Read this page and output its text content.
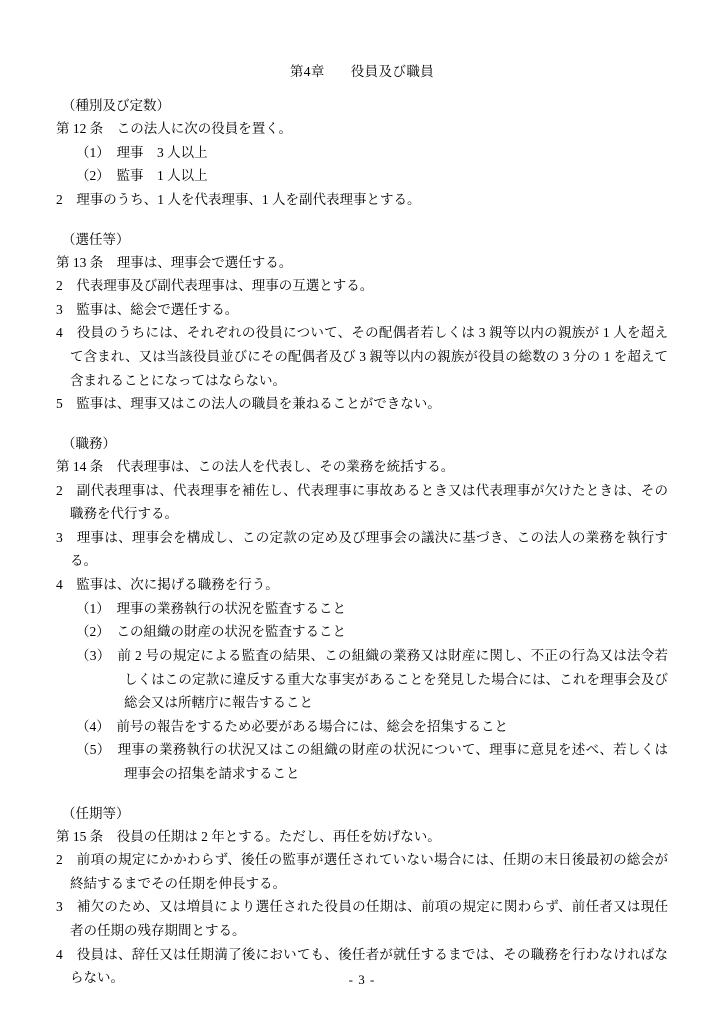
第4章 役員及び職員
（種別及び定数）
第 12 条　この法人に次の役員を置く。
（1）　理事　3 人以上
（2）　監事　1 人以上
2　理事のうち、1 人を代表理事、1 人を副代表理事とする。
（選任等）
第 13 条　理事は、理事会で選任する。
2　代表理事及び副代表理事は、理事の互選とする。
3　監事は、総会で選任する。
4　役員のうちには、それぞれの役員について、その配偶者若しくは 3 親等以内の親族が 1 人を超えて含まれ、又は当該役員並びにその配偶者及び 3 親等以内の親族が役員の総数の 3 分の 1 を超えて含まれることになってはならない。
5　監事は、理事又はこの法人の職員を兼ねることができない。
（職務）
第 14 条　代表理事は、この法人を代表し、その業務を統括する。
2　副代表理事は、代表理事を補佐し、代表理事に事故あるとき又は代表理事が欠けたときは、その職務を代行する。
3　理事は、理事会を構成し、この定款の定め及び理事会の議決に基づき、この法人の業務を執行する。
4　監事は、次に掲げる職務を行う。
（1）　理事の業務執行の状況を監査すること
（2）　この組織の財産の状況を監査すること
（3）　前 2 号の規定による監査の結果、この組織の業務又は財産に関し、不正の行為又は法令若しくはこの定款に違反する重大な事実があることを発見した場合には、これを理事会及び総会又は所轄庁に報告すること
（4）　前号の報告をするため必要がある場合には、総会を招集すること
（5）　理事の業務執行の状況又はこの組織の財産の状況について、理事に意見を述べ、若しくは理事会の招集を請求すること
（任期等）
第 15 条　役員の任期は 2 年とする。ただし、再任を妨げない。
2　前項の規定にかかわらず、後任の監事が選任されていない場合には、任期の末日後最初の総会が終結するまでその任期を伸長する。
3　補欠のため、又は増員により選任された役員の任期は、前項の規定に関わらず、前任者又は現任者の任期の残存期間とする。
4　役員は、辞任又は任期満了後においても、後任者が就任するまでは、その職務を行わなければならない。	- 3 -
